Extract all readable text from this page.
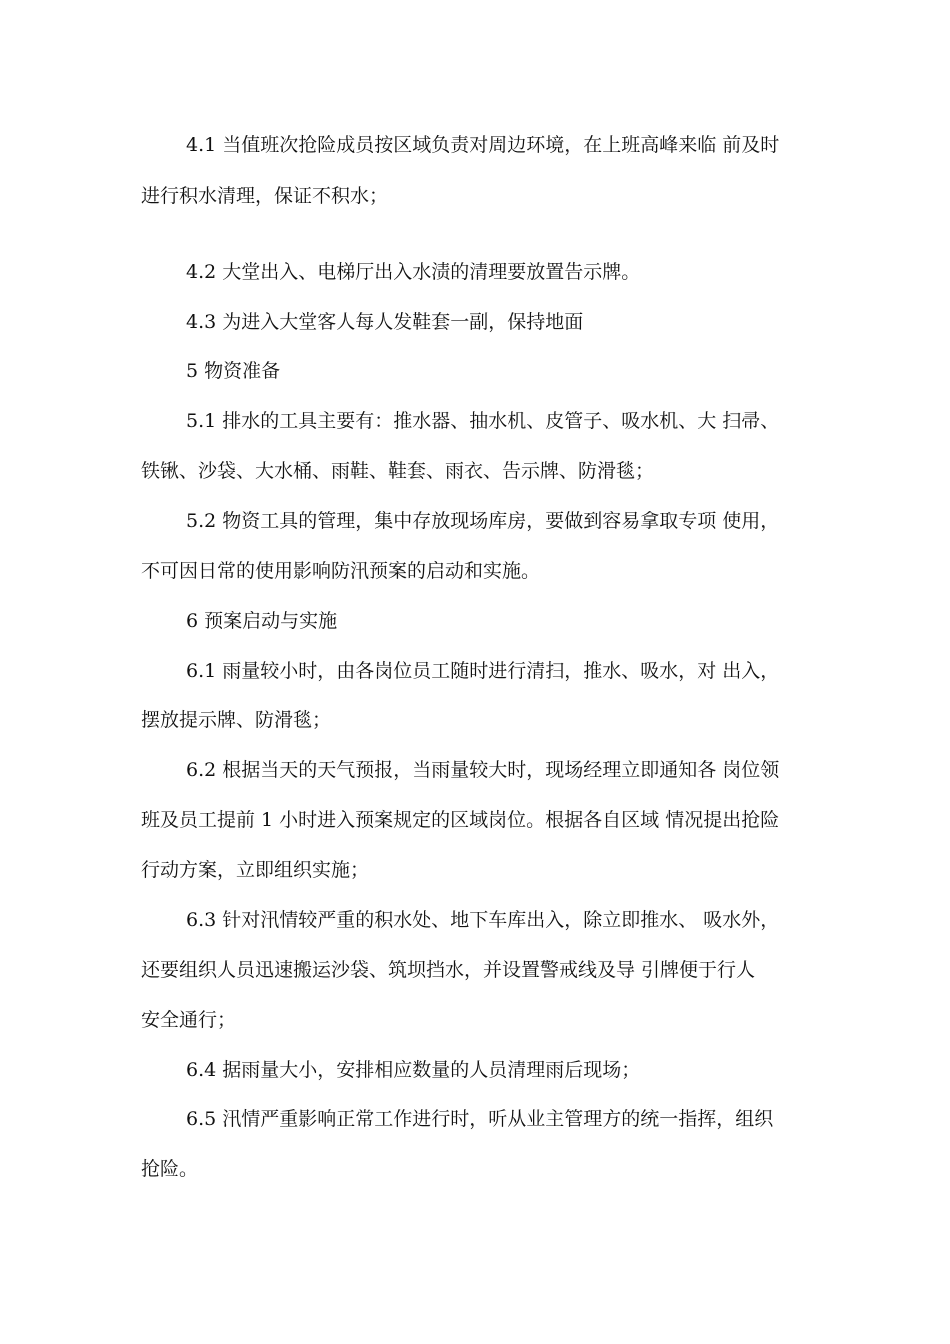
4.1 当值班次抢险成员按区域负责对周边环境，在上班高峰来临 前及时
进行积水清理，保证不积水；
4.2 大堂出入、电梯厅出入水渍的清理要放置告示牌。
4.3 为进入大堂客人每人发鞋套一副，保持地面
5 物资准备
5.1 排水的工具主要有：推水器、抽水机、皮管子、吸水机、大 扫帚、
铁锹、沙袋、大水桶、雨鞋、鞋套、雨衣、告示牌、防滑毯；
5.2 物资工具的管理，集中存放现场库房，要做到容易拿取专项 使用，
不可因日常的使用影响防汛预案的启动和实施。
6 预案启动与实施
6.1 雨量较小时，由各岗位员工随时进行清扫，推水、吸水，对 出入，
摆放提示牌、防滑毯；
6.2 根据当天的天气预报，当雨量较大时，现场经理立即通知各 岗位领
班及员工提前 1 小时进入预案规定的区域岗位。根据各自区域 情况提出抢险
行动方案，立即组织实施；
6.3 针对汛情较严重的积水处、地下车库出入，除立即推水、 吸水外，
还要组织人员迅速搬运沙袋、筑坝挡水，并设置警戒线及导 引牌便于行人
安全通行；
6.4 据雨量大小，安排相应数量的人员清理雨后现场；
6.5 汛情严重影响正常工作进行时，听从业主管理方的统一指挥，组织
抢险。
